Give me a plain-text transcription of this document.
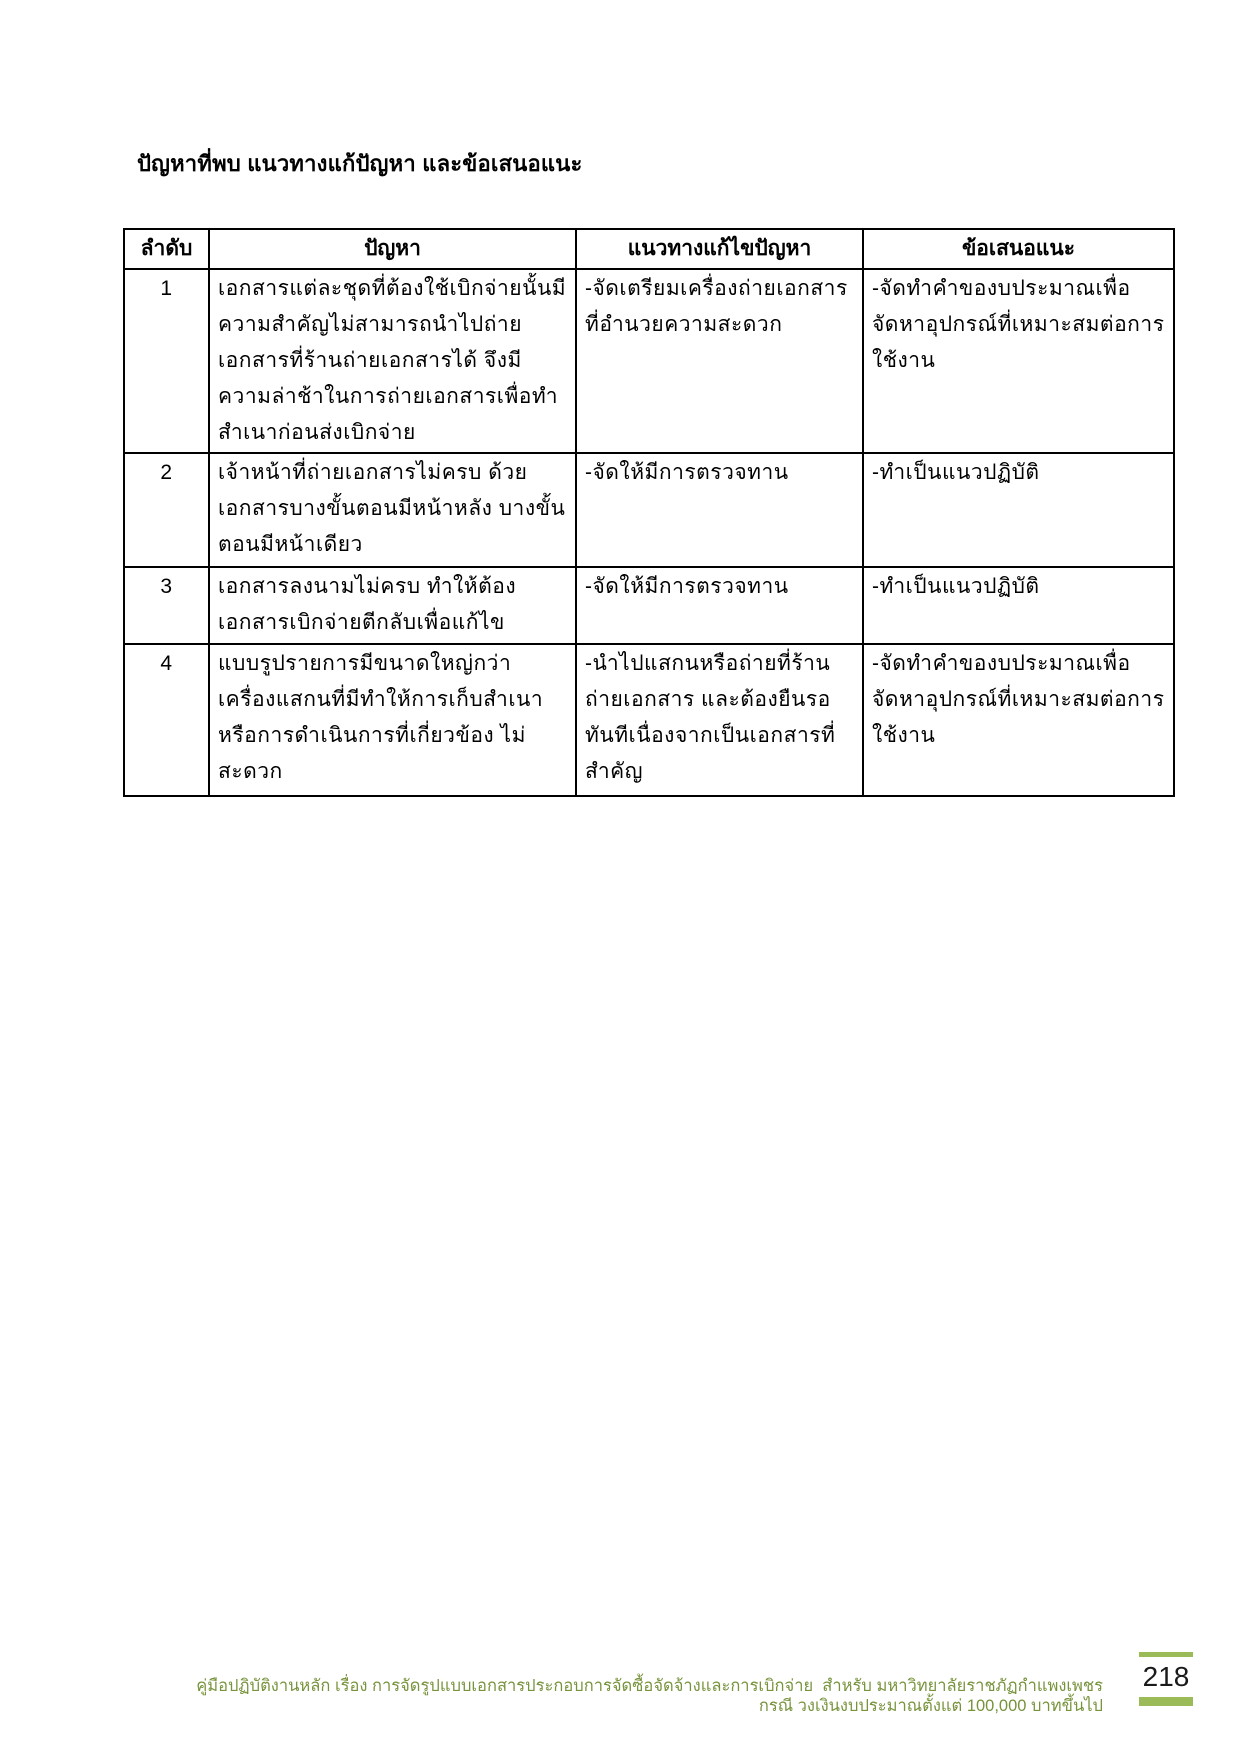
ปัญหาที่พบ แนวทางแก้ปัญหา และข้อเสนอแนะ
ลำดับ	ปัญหา	แนวทางแก้ไขปัญหา	ข้อเสนอแนะ
1	เอกสารแต่ละชุดที่ต้องใช้เบิกจ่ายนั้นมีความสำคัญไม่สามารถนำไปถ่ายเอกสารที่ร้านถ่ายเอกสารได้ จึงมีความล่าช้าในการถ่ายเอกสารเพื่อทำสำเนาก่อนส่งเบิกจ่าย	-จัดเตรียมเครื่องถ่ายเอกสารที่อำนวยความสะดวก	-จัดทำคำของบประมาณเพื่อจัดหาอุปกรณ์ที่เหมาะสมต่อการใช้งาน
2	เจ้าหน้าที่ถ่ายเอกสารไม่ครบ ด้วยเอกสารบางขั้นตอนมีหน้าหลัง บางขั้นตอนมีหน้าเดียว	-จัดให้มีการตรวจทาน	-ทำเป็นแนวปฏิบัติ
3	เอกสารลงนามไม่ครบ ทำให้ต้องเอกสารเบิกจ่ายตีกลับเพื่อแก้ไข	-จัดให้มีการตรวจทาน	-ทำเป็นแนวปฏิบัติ
4	แบบรูปรายการมีขนาดใหญ่กว่าเครื่องแสกนที่มีทำให้การเก็บสำเนาหรือการดำเนินการที่เกี่ยวข้อง ไม่สะดวก	-นำไปแสกนหรือถ่ายที่ร้านถ่ายเอกสาร และต้องยืนรอทันทีเนื่องจากเป็นเอกสารที่สำคัญ	-จัดทำคำของบประมาณเพื่อจัดหาอุปกรณ์ที่เหมาะสมต่อการใช้งาน
คู่มือปฏิบัติงานหลัก เรื่อง การจัดรูปแบบเอกสารประกอบการจัดซื้อจัดจ้างและการเบิกจ่าย  สำหรับ มหาวิทยาลัยราชภัฏกำแพงเพชร
กรณี วงเงินงบประมาณตั้งแต่ 100,000 บาทขึ้นไป
218
